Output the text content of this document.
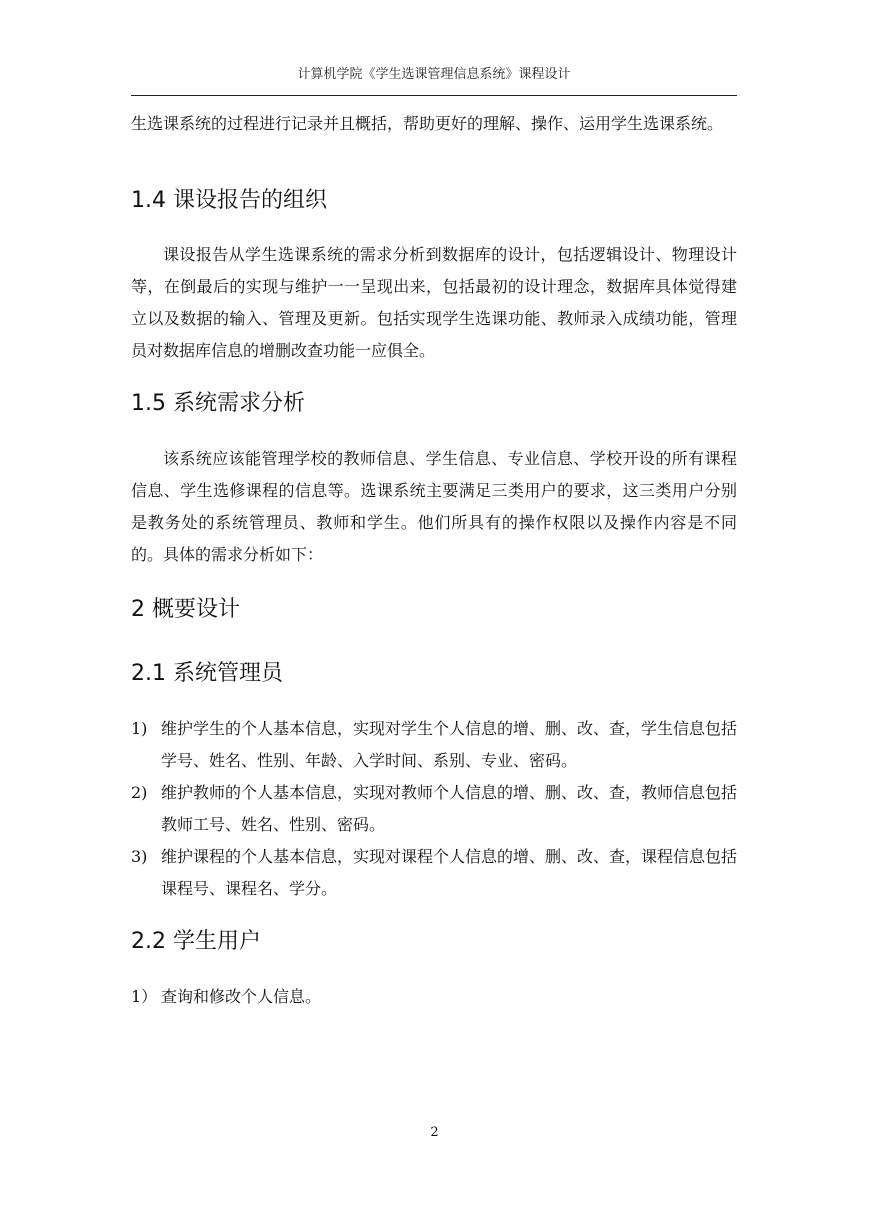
计算机学院《学生选课管理信息系统》课程设计

生选课系统的过程进行记录并且概括，帮助更好的理解、操作、运用学生选课系统。

1.4 课设报告的组织

课设报告从学生选课系统的需求分析到数据库的设计，包括逻辑设计、物理设计等，在倒最后的实现与维护一一呈现出来，包括最初的设计理念，数据库具体觉得建立以及数据的输入、管理及更新。包括实现学生选课功能、教师录入成绩功能，管理员对数据库信息的增删改查功能一应俱全。

1.5 系统需求分析

该系统应该能管理学校的教师信息、学生信息、专业信息、学校开设的所有课程信息、学生选修课程的信息等。选课系统主要满足三类用户的要求，这三类用户分别是教务处的系统管理员、教师和学生。他们所具有的操作权限以及操作内容是不同的。具体的需求分析如下：

2 概要设计
2.1 系统管理员
1) 维护学生的个人基本信息，实现对学生个人信息的增、删、改、查，学生信息包括学号、姓名、性别、年龄、入学时间、系别、专业、密码。
2) 维护教师的个人基本信息，实现对教师个人信息的增、删、改、查，教师信息包括教师工号、姓名、性别、密码。
3) 维护课程的个人基本信息，实现对课程个人信息的增、删、改、查，课程信息包括课程号、课程名、学分。
2.2 学生用户
1） 查询和修改个人信息。
2
